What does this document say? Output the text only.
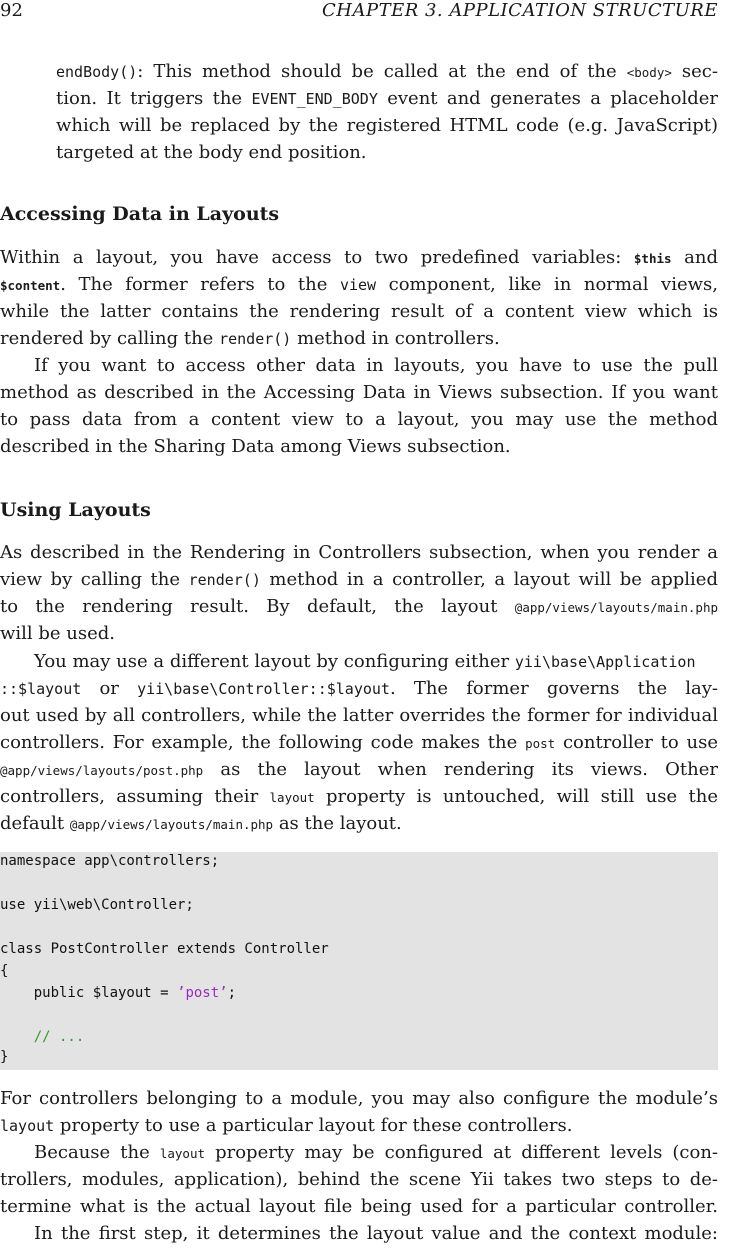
92	CHAPTER 3. APPLICATION STRUCTURE
endBody(): This method should be called at the end of the <body> sec-
tion. It triggers the EVENT_END_BODY event and generates a placeholder
which will be replaced by the registered HTML code (e.g. JavaScript)
targeted at the body end position.
Accessing Data in Layouts
Within a layout, you have access to two predefined variables: $this and
$content. The former refers to the view component, like in normal views,
while the latter contains the rendering result of a content view which is
rendered by calling the render() method in controllers.
If you want to access other data in layouts, you have to use the pull
method as described in the Accessing Data in Views subsection. If you want
to pass data from a content view to a layout, you may use the method
described in the Sharing Data among Views subsection.
Using Layouts
As described in the Rendering in Controllers subsection, when you render a
view by calling the render() method in a controller, a layout will be applied
to the rendering result. By default, the layout @app/views/layouts/main.php
will be used.
You may use a different layout by configuring either yii\base\Application
::$layout or yii\base\Controller::$layout. The former governs the lay-
out used by all controllers, while the latter overrides the former for individual
controllers. For example, the following code makes the post controller to use
@app/views/layouts/post.php as the layout when rendering its views. Other
controllers, assuming their layout property is untouched, will still use the
default @app/views/layouts/main.php as the layout.
namespace app\controllers;
use yii\web\Controller;
class PostController extends Controller
{
public $layout = ’post’;
// ...
}
For controllers belonging to a module, you may also configure the module’s
layout property to use a particular layout for these controllers.
Because the layout property may be configured at different levels (con-
trollers, modules, application), behind the scene Yii takes two steps to de-
termine what is the actual layout file being used for a particular controller.
In the first step, it determines the layout value and the context module:
